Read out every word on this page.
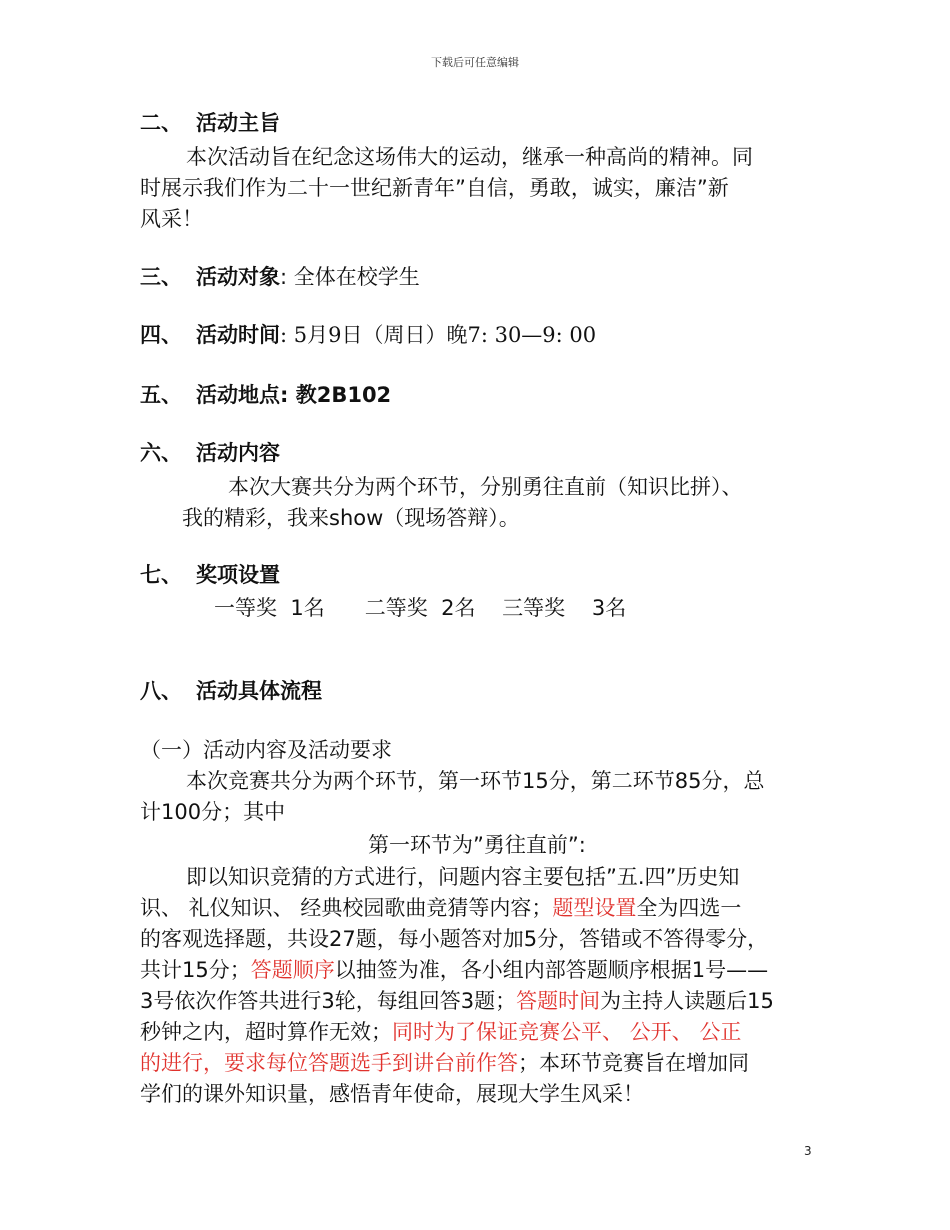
下载后可任意编辑
二、 活动主旨
本次活动旨在纪念这场伟大的运动，继承一种高尚的精神。同
时展示我们作为二十一世纪新青年”自信，勇敢，诚实，廉洁”新
风采！
三、 活动对象: 全体在校学生
四、 活动时间: 5月9日（周日）晚7: 30—9: 00
五、 活动地点: 教2B102
六、 活动内容
本次大赛共分为两个环节，分别勇往直前（知识比拼）、
我的精彩，我来show（现场答辩）。
七、 奖项设置
一等奖  1名      二等奖  2名    三等奖    3名
八、 活动具体流程
（一）活动内容及活动要求
本次竞赛共分为两个环节，第一环节15分，第二环节85分，总
计100分；其中
第一环节为”勇往直前”:
即以知识竞猜的方式进行，问题内容主要包括”五.四”历史知
识、 礼仪知识、 经典校园歌曲竞猜等内容；题型设置全为四选一
的客观选择题，共设27题，每小题答对加5分，答错或不答得零分，
共计15分；答题顺序以抽签为准，各小组内部答题顺序根据1号——
3号依次作答共进行3轮，每组回答3题；答题时间为主持人读题后15
秒钟之内，超时算作无效；同时为了保证竞赛公平、 公开、 公正
的进行，要求每位答题选手到讲台前作答；本环节竞赛旨在增加同
学们的课外知识量，感悟青年使命，展现大学生风采！
3
